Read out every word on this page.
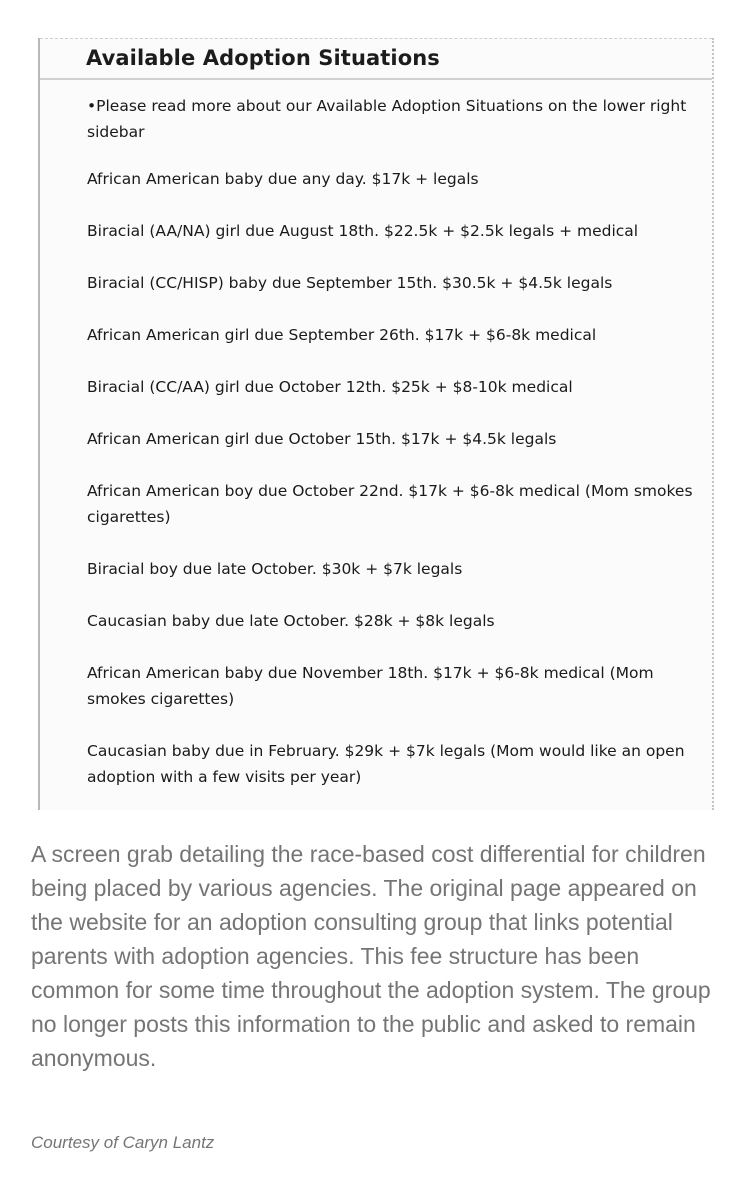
Available Adoption Situations

•Please read more about our Available Adoption Situations on the lower right sidebar

African American baby due any day. $17k + legals

Biracial (AA/NA) girl due August 18th. $22.5k + $2.5k legals + medical

Biracial (CC/HISP) baby due September 15th. $30.5k + $4.5k legals

African American girl due September 26th. $17k + $6-8k medical

Biracial (CC/AA) girl due October 12th. $25k + $8-10k medical

African American girl due October 15th. $17k + $4.5k legals

African American boy due October 22nd. $17k + $6-8k medical (Mom smokes cigarettes)

Biracial boy due late October. $30k + $7k legals

Caucasian baby due late October. $28k + $8k legals

African American baby due November 18th. $17k + $6-8k medical (Mom smokes cigarettes)

Caucasian baby due in February. $29k + $7k legals (Mom would like an open adoption with a few visits per year)

A screen grab detailing the race-based cost differential for children being placed by various agencies. The original page appeared on the website for an adoption consulting group that links potential parents with adoption agencies. This fee structure has been common for some time throughout the adoption system. The group no longer posts this information to the public and asked to remain anonymous.

Courtesy of Caryn Lantz
